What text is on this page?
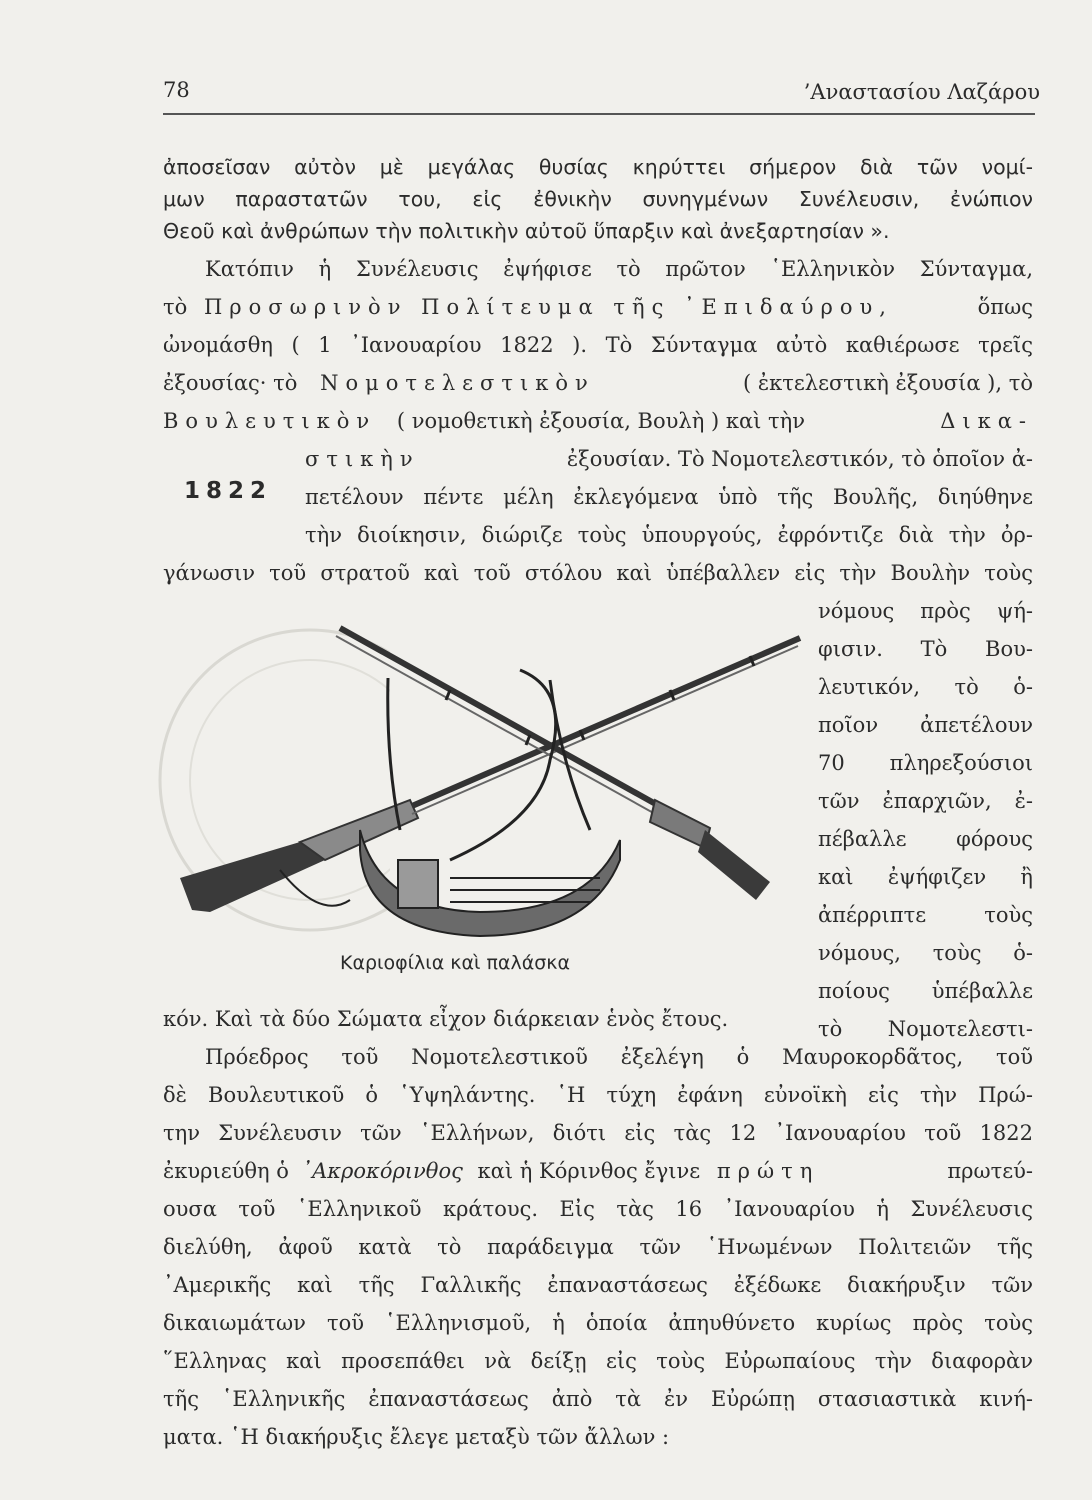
78	’Αναστασίου Λαζάρου
ἀποσεῖσαν αὐτὸν μὲ μεγάλας θυσίας κηρύττει σήμερον διὰ τῶν νομί-
μων παραστατῶν του, εἰς ἐθνικὴν συνηγμένων Συνέλευσιν, ἐνώπιον
Θεοῦ καὶ ἀνθρώπων τὴν πολιτικὴν αὐτοῦ ὕπαρξιν καὶ ἀνεξαρτησίαν ».
Κατόπιν ἡ Συνέλευσις ἐψήφισε τὸ πρῶτον ῾Ελληνικὸν Σύνταγμα,
τὸ Προσωρινὸν Πολίτευμα τῆς ᾿Επιδαύρου,	ὅπως
ὠνομάσθη ( 1 ᾿Ιανουαρίου 1822 ). Τὸ Σύνταγμα αὐτὸ καθιέρωσε τρεῖς
ἐξουσίας· τὸ Νομοτελεστικὸν	( ἐκτελεστικὴ ἐξουσία ), τὸ
Βουλευτικὸν ( νομοθετικὴ ἐξουσία, Βουλὴ ) καὶ τὴν	Δικα-
στικὴν	ἐξουσίαν. Τὸ Νομοτελεστικόν, τὸ ὁποῖον ἀ-
1822 πετέλουν πέντε μέλη ἐκλεγόμενα ὑπὸ τῆς Βουλῆς, διηύθηνε
τὴν διοίκησιν, διώριζε τοὺς ὑπουργούς, ἐφρόντιζε διὰ τὴν ὀρ-
γάνωσιν τοῦ στρατοῦ καὶ τοῦ στόλου καὶ ὑπέβαλλεν εἰς τὴν Βουλὴν τοὺς
νόμους πρὸς ψή-
φισιν. Τὸ Βου-
λευτικόν, τὸ ὁ-
ποῖον ἀπετέλουν
70 πληρεξούσιοι
τῶν ἐπαρχιῶν, ἐ-
πέβαλλε φόρους
καὶ ἐψήφιζεν ἢ
ἀπέρριπτε τοὺς
νόμους, τοὺς ὁ-
ποίους ὑπέβαλλε
τὸ Νομοτελεστι-
Καριοφίλια καὶ παλάσκα
κόν. Καὶ τὰ δύο Σώματα εἶχον διάρκειαν ἑνὸς ἔτους.
Πρόεδρος τοῦ Νομοτελεστικοῦ ἐξελέγη ὁ Μαυροκορδᾶτος, τοῦ
δὲ Βουλευτικοῦ ὁ ῾Υψηλάντης. ῾Η τύχη ἐφάνη εὐνοϊκὴ εἰς τὴν Πρώ-
την Συνέλευσιν τῶν ῾Ελλήνων, διότι εἰς τὰς 12 ᾿Ιανουαρίου τοῦ 1822
ἐκυριεύθη ὁ ᾿Ακροκόρινθος καὶ ἡ Κόρινθος ἔγινε πρώτη	πρωτεύ-
ουσα τοῦ ῾Ελληνικοῦ κράτους. Εἰς τὰς 16 ᾿Ιανουαρίου ἡ Συνέλευσις
διελύθη, ἀφοῦ κατὰ τὸ παράδειγμα τῶν ῾Ηνωμένων Πολιτειῶν τῆς
᾿Αμερικῆς καὶ τῆς Γαλλικῆς ἐπαναστάσεως ἐξέδωκε διακήρυξιν τῶν
δικαιωμάτων τοῦ ῾Ελληνισμοῦ, ἡ ὁποία ἀπηυθύνετο κυρίως πρὸς τοὺς
῞Ελληνας καὶ προσεπάθει νὰ δείξῃ εἰς τοὺς Εὐρωπαίους τὴν διαφορὰν
τῆς ῾Ελληνικῆς ἐπαναστάσεως ἀπὸ τὰ ἐν Εὐρώπῃ στασιαστικὰ κινή-
ματα. ῾Η διακήρυξις ἔλεγε μεταξὺ τῶν ἄλλων :
